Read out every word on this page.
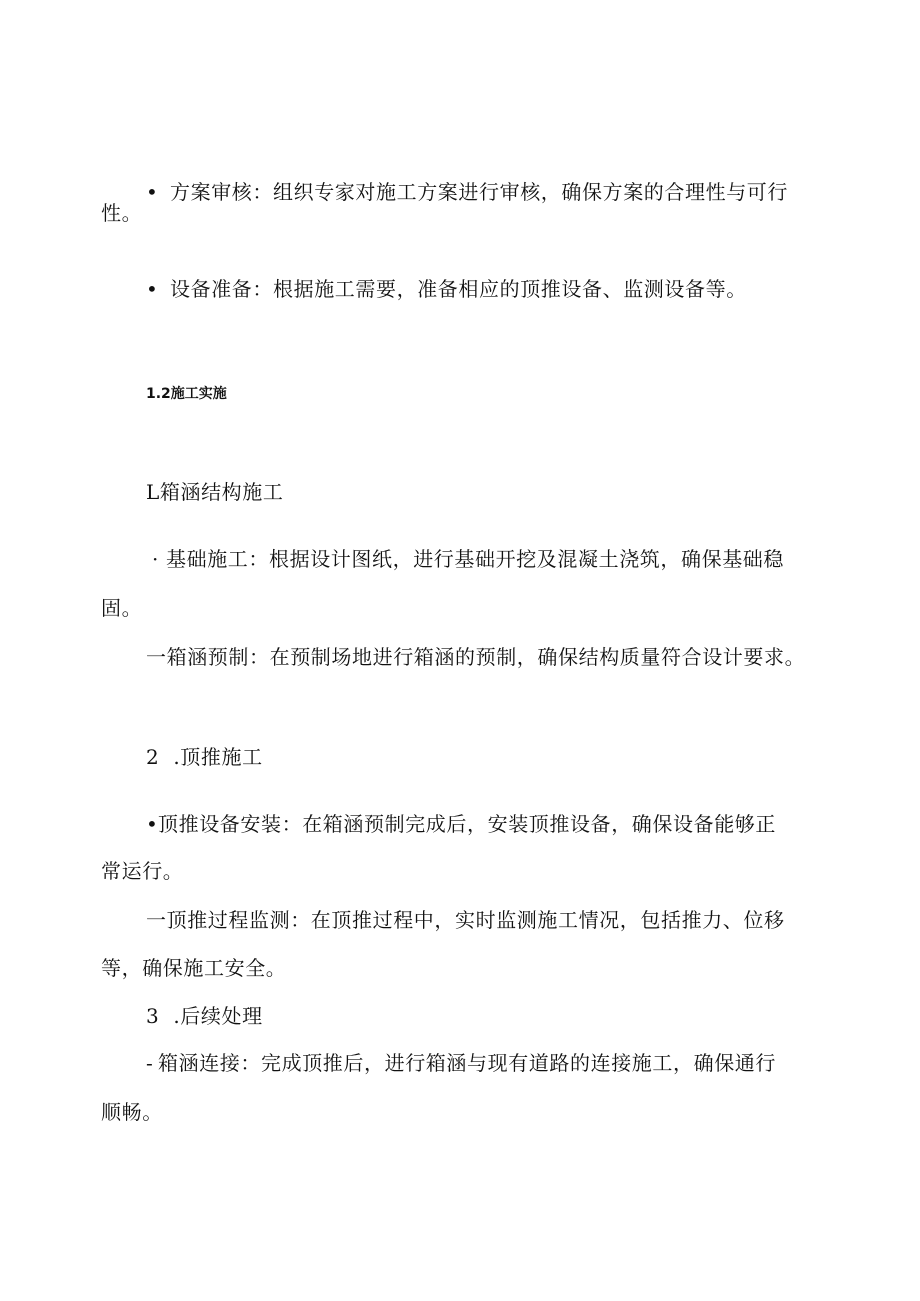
• 方案审核：组织专家对施工方案进行审核，确保方案的合理性与可行
性。
• 设备准备：根据施工需要，准备相应的顶推设备、监测设备等。
1.2施工实施
L箱涵结构施工
· 基础施工：根据设计图纸，进行基础开挖及混凝土浇筑，确保基础稳
固。
一箱涵预制：在预制场地进行箱涵的预制，确保结构质量符合设计要求。
2 .顶推施工
•顶推设备安装：在箱涵预制完成后，安装顶推设备，确保设备能够正
常运行。
一顶推过程监测：在顶推过程中，实时监测施工情况，包括推力、位移
等，确保施工安全。
3 .后续处理
- 箱涵连接：完成顶推后，进行箱涵与现有道路的连接施工，确保通行
顺畅。
